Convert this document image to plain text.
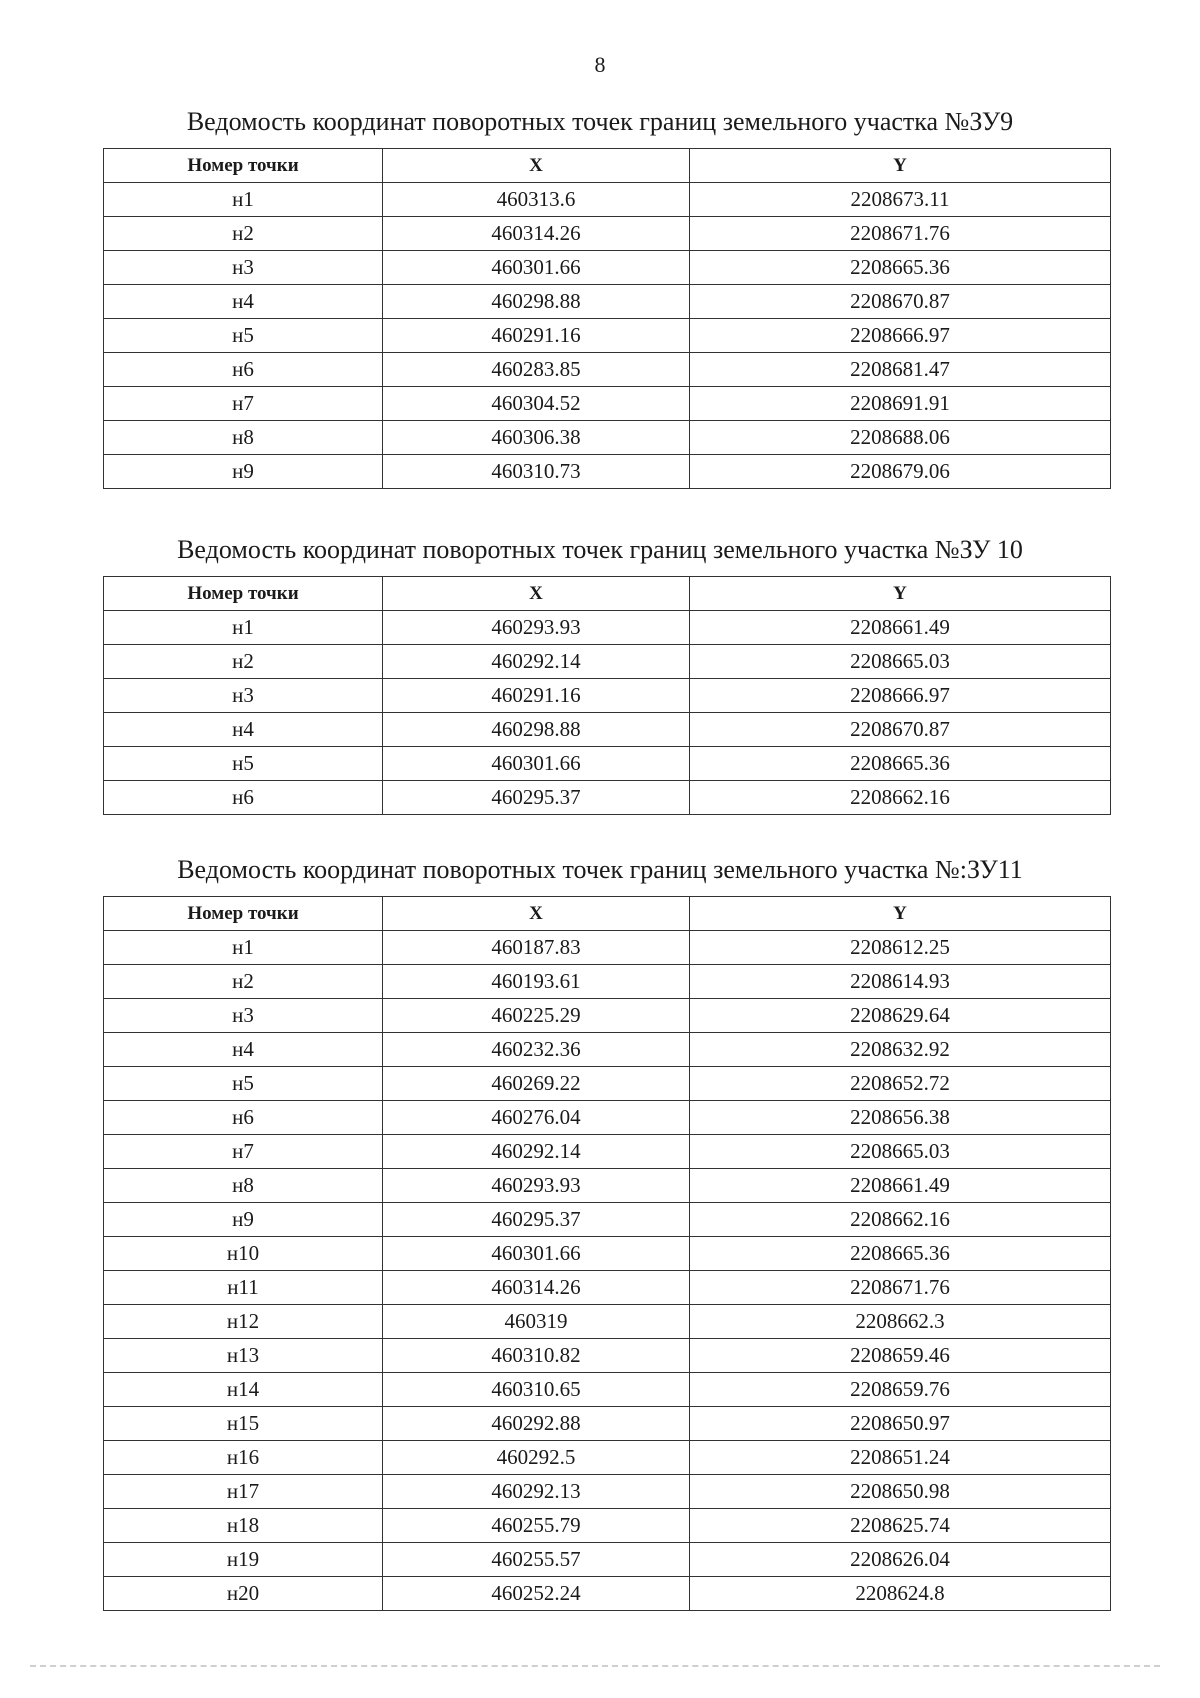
8
Ведомость координат поворотных точек границ земельного участка №ЗУ9
Номер точки	X	Y
н1	460313.6	2208673.11
н2	460314.26	2208671.76
н3	460301.66	2208665.36
н4	460298.88	2208670.87
н5	460291.16	2208666.97
н6	460283.85	2208681.47
н7	460304.52	2208691.91
н8	460306.38	2208688.06
н9	460310.73	2208679.06
Ведомость координат поворотных точек границ земельного участка №ЗУ 10
Номер точки	X	Y
н1	460293.93	2208661.49
н2	460292.14	2208665.03
н3	460291.16	2208666.97
н4	460298.88	2208670.87
н5	460301.66	2208665.36
н6	460295.37	2208662.16
Ведомость координат поворотных точек границ земельного участка №:ЗУ11
Номер точки	X	Y
н1	460187.83	2208612.25
н2	460193.61	2208614.93
н3	460225.29	2208629.64
н4	460232.36	2208632.92
н5	460269.22	2208652.72
н6	460276.04	2208656.38
н7	460292.14	2208665.03
н8	460293.93	2208661.49
н9	460295.37	2208662.16
н10	460301.66	2208665.36
н11	460314.26	2208671.76
н12	460319	2208662.3
н13	460310.82	2208659.46
н14	460310.65	2208659.76
н15	460292.88	2208650.97
н16	460292.5	2208651.24
н17	460292.13	2208650.98
н18	460255.79	2208625.74
н19	460255.57	2208626.04
н20	460252.24	2208624.8
